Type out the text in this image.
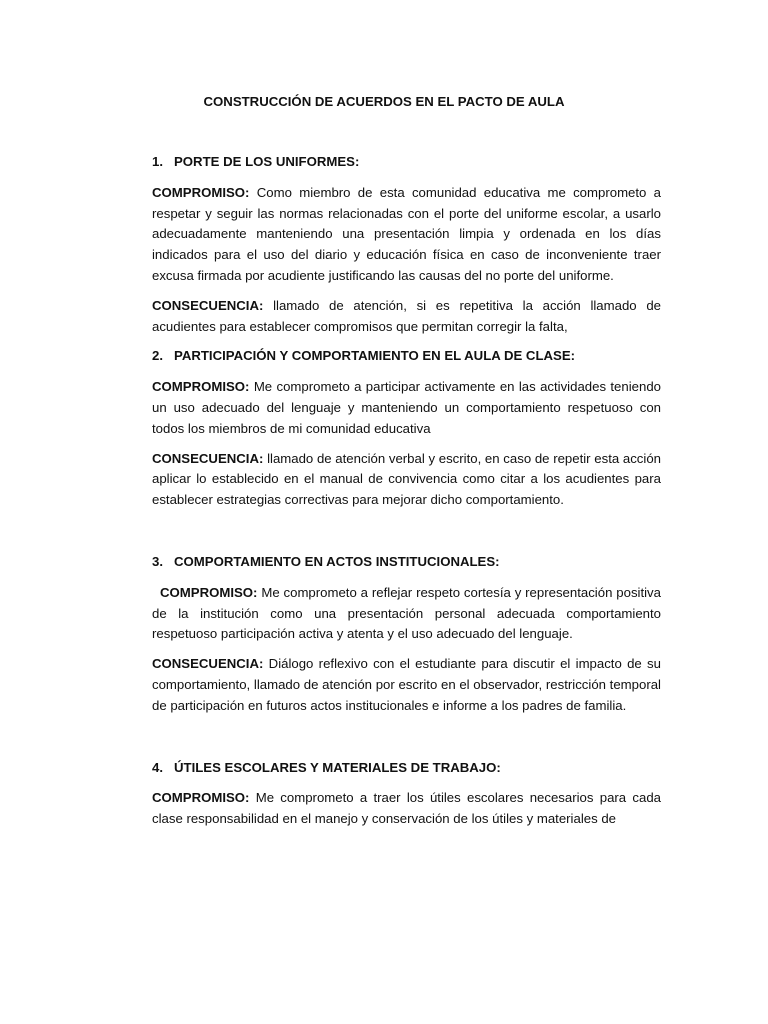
CONSTRUCCIÓN DE ACUERDOS EN EL PACTO DE AULA

1. PORTE DE LOS UNIFORMES:

COMPROMISO: Como miembro de esta comunidad educativa me comprometo a respetar y seguir las normas relacionadas con el porte del uniforme escolar, a usarlo adecuadamente manteniendo una presentación limpia y ordenada en los días indicados para el uso del diario y educación física en caso de inconveniente traer excusa firmada por acudiente justificando las causas del no porte del uniforme.

CONSECUENCIA: llamado de atención, si es repetitiva la acción llamado de acudientes para establecer compromisos que permitan corregir la falta,

2. PARTICIPACIÓN Y COMPORTAMIENTO EN EL AULA DE CLASE:

COMPROMISO: Me comprometo a participar activamente en las actividades teniendo un uso adecuado del lenguaje y manteniendo un comportamiento respetuoso con todos los miembros de mi comunidad educativa

CONSECUENCIA: llamado de atención verbal y escrito, en caso de repetir esta acción aplicar lo establecido en el manual de convivencia como citar a los acudientes para establecer estrategias correctivas para mejorar dicho comportamiento.

3. COMPORTAMIENTO EN ACTOS INSTITUCIONALES:

COMPROMISO: Me comprometo a reflejar respeto cortesía y representación positiva de la institución como una presentación personal adecuada comportamiento respetuoso participación activa y atenta y el uso adecuado del lenguaje.

CONSECUENCIA: Diálogo reflexivo con el estudiante para discutir el impacto de su comportamiento, llamado de atención por escrito en el observador, restricción temporal de participación en futuros actos institucionales e informe a los padres de familia.

4. ÚTILES ESCOLARES Y MATERIALES DE TRABAJO:

COMPROMISO: Me comprometo a traer los útiles escolares necesarios para cada clase responsabilidad en el manejo y conservación de los útiles y materiales de
